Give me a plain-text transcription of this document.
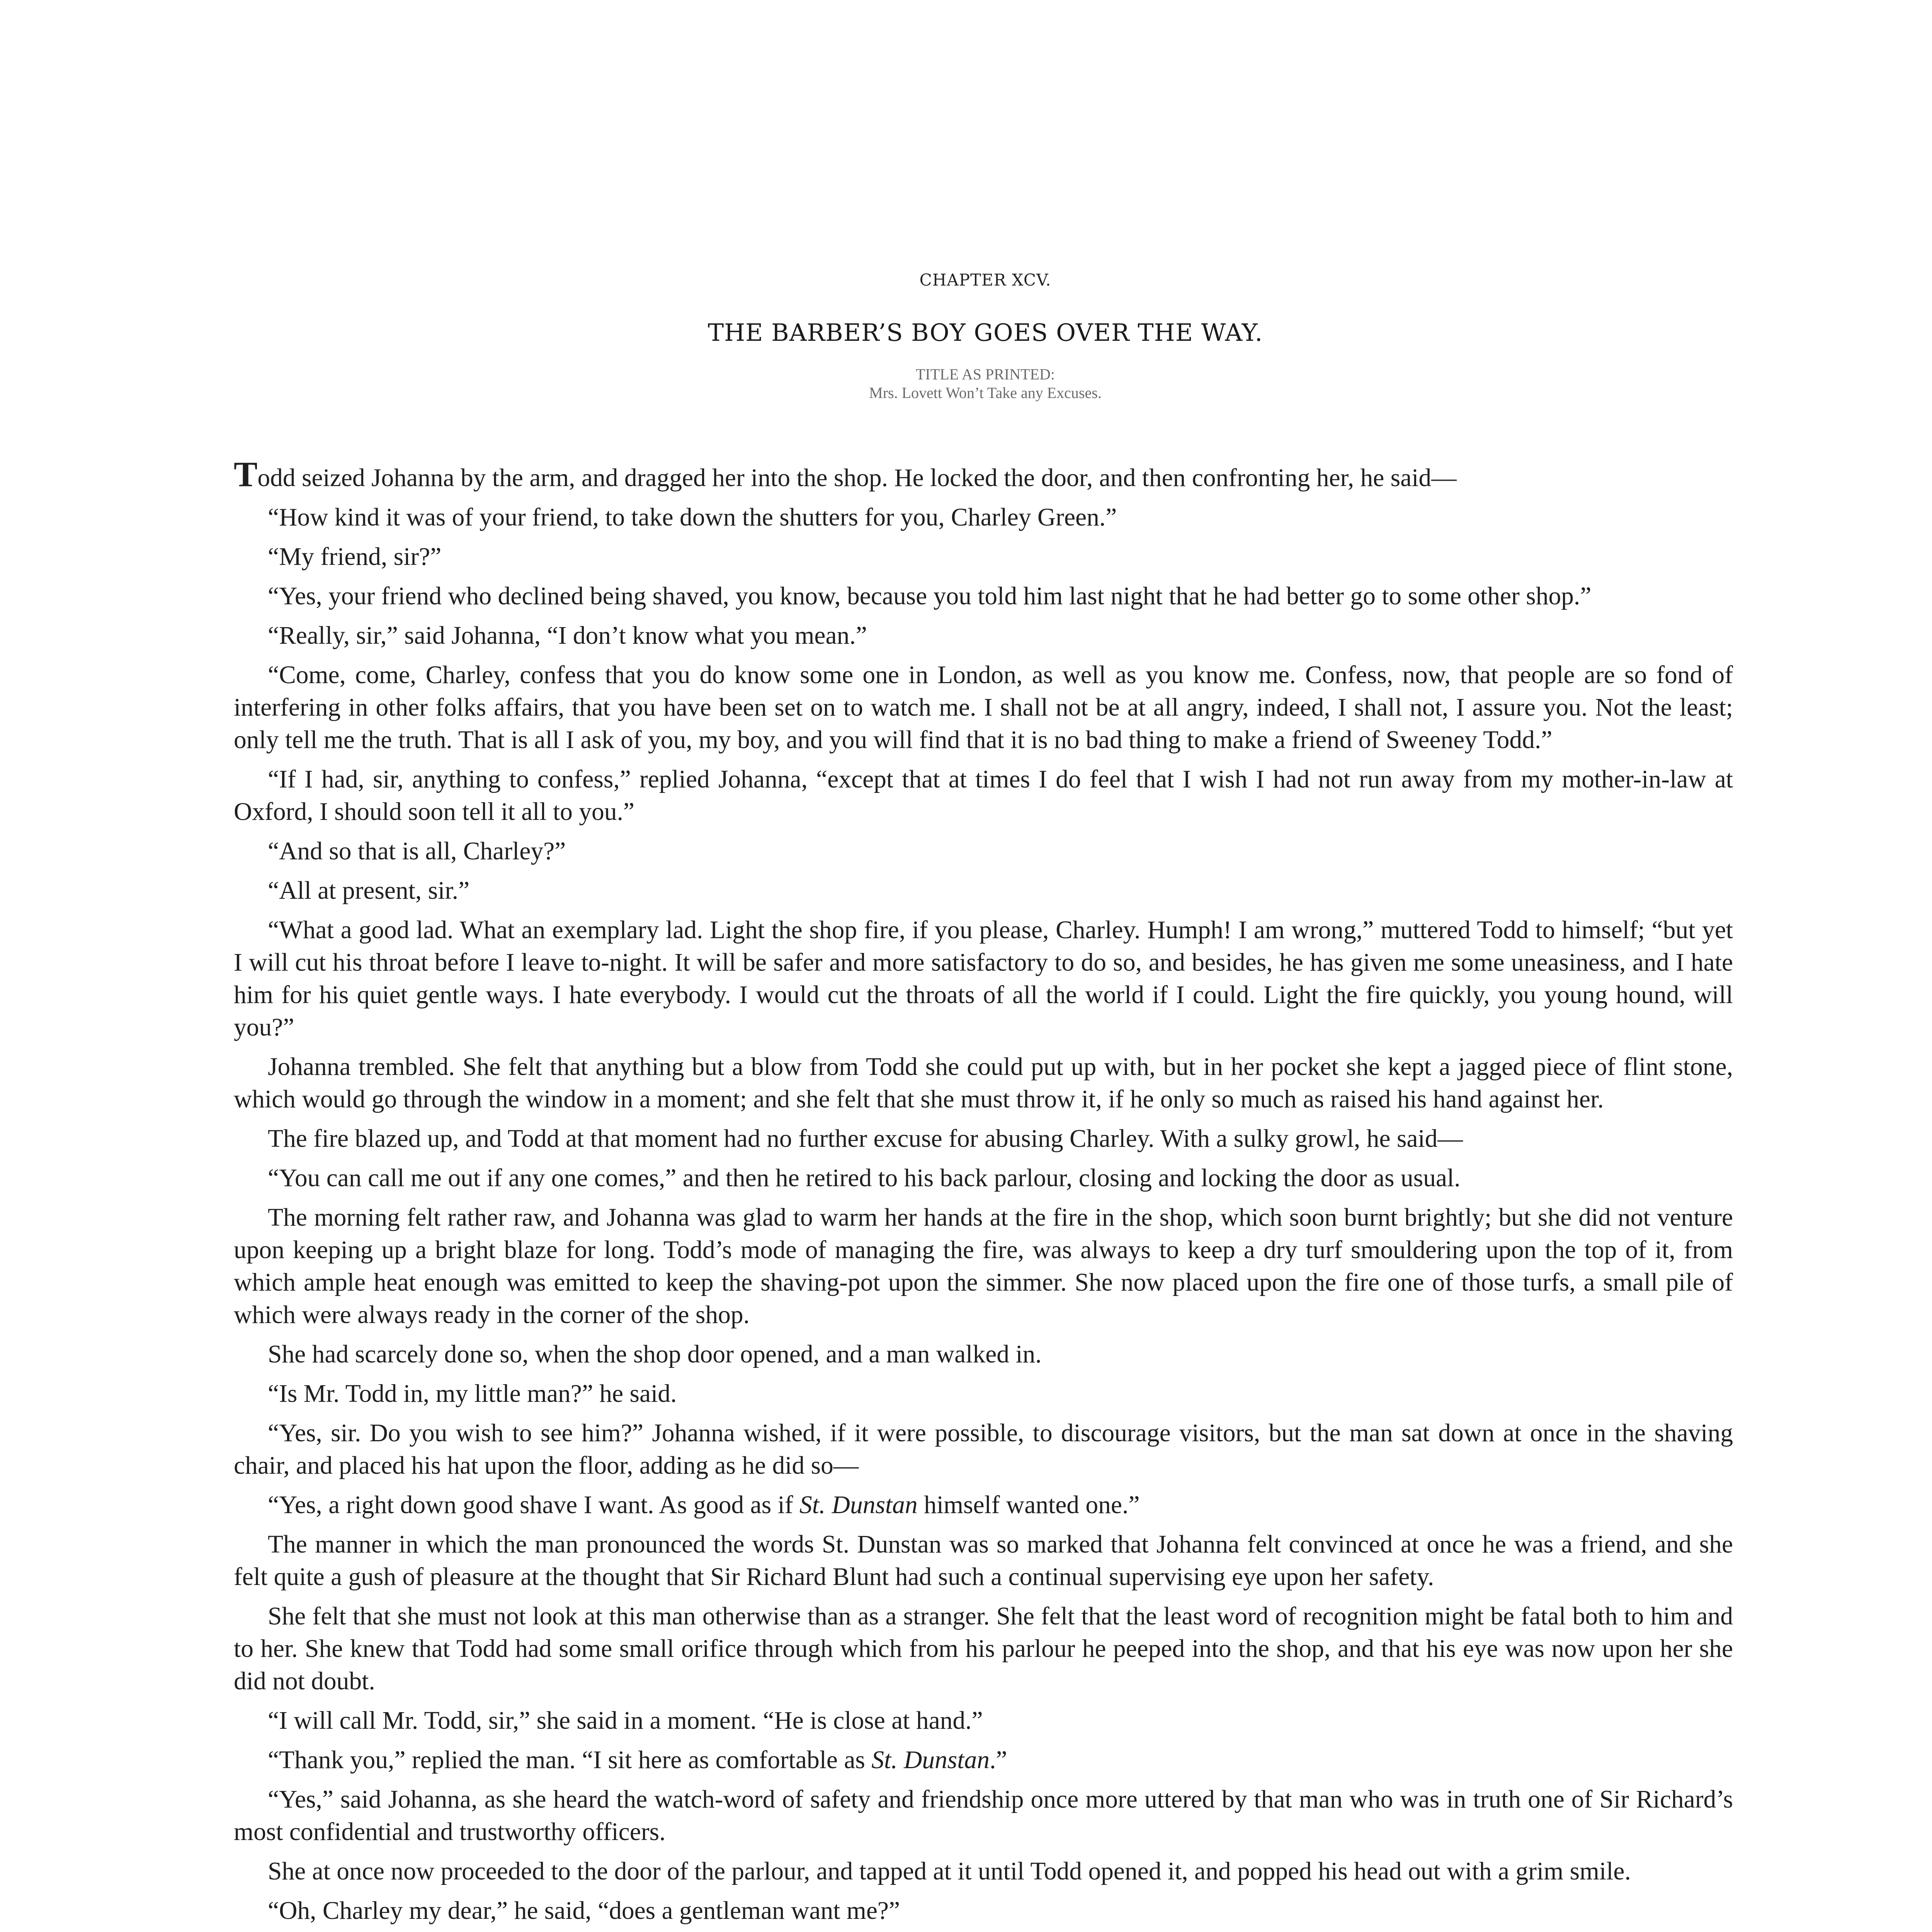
CHAPTER XCV.
THE BARBER’S BOY GOES OVER THE WAY.
TITLE AS PRINTED:
Mrs. Lovett Won’t Take any Excuses.

Todd seized Johanna by the arm, and dragged her into the shop. He locked the door, and then confronting her, he said—

“How kind it was of your friend, to take down the shutters for you, Charley Green.”

“My friend, sir?”

“Yes, your friend who declined being shaved, you know, because you told him last night that he had better go to some other shop.”

“Really, sir,” said Johanna, “I don’t know what you mean.”

“Come, come, Charley, confess that you do know some one in London, as well as you know me. Confess, now, that people are so fond of interfering in other folks affairs, that you have been set on to watch me. I shall not be at all angry, indeed, I shall not, I assure you. Not the least; only tell me the truth. That is all I ask of you, my boy, and you will find that it is no bad thing to make a friend of Sweeney Todd.”

“If I had, sir, anything to confess,” replied Johanna, “except that at times I do feel that I wish I had not run away from my mother-in-law at Oxford, I should soon tell it all to you.”

“And so that is all, Charley?”

“All at present, sir.”

“What a good lad. What an exemplary lad. Light the shop fire, if you please, Charley. Humph! I am wrong,” muttered Todd to himself; “but yet I will cut his throat before I leave to-night. It will be safer and more satisfactory to do so, and besides, he has given me some uneasiness, and I hate him for his quiet gentle ways. I hate everybody. I would cut the throats of all the world if I could. Light the fire quickly, you young hound, will you?”

Johanna trembled. She felt that anything but a blow from Todd she could put up with, but in her pocket she kept a jagged piece of flint stone, which would go through the window in a moment; and she felt that she must throw it, if he only so much as raised his hand against her.

The fire blazed up, and Todd at that moment had no further excuse for abusing Charley. With a sulky growl, he said—

“You can call me out if any one comes,” and then he retired to his back parlour, closing and locking the door as usual.

The morning felt rather raw, and Johanna was glad to warm her hands at the fire in the shop, which soon burnt brightly; but she did not venture upon keeping up a bright blaze for long. Todd’s mode of managing the fire, was always to keep a dry turf smouldering upon the top of it, from which ample heat enough was emitted to keep the shaving-pot upon the simmer. She now placed upon the fire one of those turfs, a small pile of which were always ready in the corner of the shop.

She had scarcely done so, when the shop door opened, and a man walked in.

“Is Mr. Todd in, my little man?” he said.

“Yes, sir. Do you wish to see him?” Johanna wished, if it were possible, to discourage visitors, but the man sat down at once in the shaving chair, and placed his hat upon the floor, adding as he did so—

“Yes, a right down good shave I want. As good as if St. Dunstan himself wanted one.”

The manner in which the man pronounced the words St. Dunstan was so marked that Johanna felt convinced at once he was a friend, and she felt quite a gush of pleasure at the thought that Sir Richard Blunt had such a continual supervising eye upon her safety.

She felt that she must not look at this man otherwise than as a stranger. She felt that the least word of recognition might be fatal both to him and to her. She knew that Todd had some small orifice through which from his parlour he peeped into the shop, and that his eye was now upon her she did not doubt.

“I will call Mr. Todd, sir,” she said in a moment. “He is close at hand.”

“Thank you,” replied the man. “I sit here as comfortable as St. Dunstan.”

“Yes,” said Johanna, as she heard the watch-word of safety and friendship once more uttered by that man who was in truth one of Sir Richard’s most confidential and trustworthy officers.

She at once now proceeded to the door of the parlour, and tapped at it until Todd opened it, and popped his head out with a grim smile.

“Oh, Charley my dear,” he said, “does a gentleman want me?”
